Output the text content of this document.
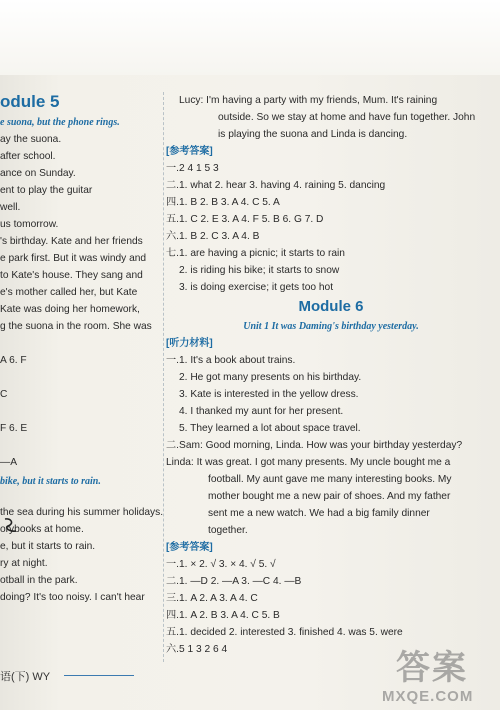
odule 5
e suona, but the phone rings.
ay the suona.
after school.
ance on Sunday.
ent to play the guitar
well.
us tomorrow.
's birthday. Kate and her friends
e park first. But it was windy and
to Kate's house. They sang and
e's mother called her, but Kate
Kate was doing her homework,
g the suona in the room. She was

A 6. F

C

F 6. E

—A
bike, but it starts to rain.
the sea during his summer holidays.
orybooks at home.
e, but it starts to rain.
ry at night.
otball in the park.
doing? It's too noisy. I can't hear
Lucy: I'm having a party with my friends, Mum. It's raining
outside. So we stay at home and have fun together. John
is playing the suona and Linda is dancing.
[参考答案]
一.2 4 1 5 3
二.1. what 2. hear 3. having 4. raining 5. dancing
四.1. B 2. B 3. A 4. C 5. A
五.1. C 2. E 3. A 4. F 5. B 6. G 7. D
六.1. B 2. C 3. A 4. B
七.1. are having a picnic; it starts to rain
2. is riding his bike; it starts to snow
3. is doing exercise; it gets too hot
Module 6
Unit 1 It was Daming's birthday yesterday.
[听力材料]
一.1. It's a book about trains.
2. He got many presents on his birthday.
3. Kate is interested in the yellow dress.
4. I thanked my aunt for her present.
5. They learned a lot about space travel.
二.Sam: Good morning, Linda. How was your birthday yesterday?
Linda: It was great. I got many presents. My uncle bought me a
football. My aunt gave me many interesting books. My
mother bought me a new pair of shoes. And my father
sent me a new watch. We had a big family dinner
together.
[参考答案]
一.1. × 2. √ 3. × 4. √ 5. √
二.1. —D 2. —A 3. —C 4. —B
三.1. A 2. A 3. A 4. C
四.1. A 2. B 3. A 4. C 5. B
五.1. decided 2. interested 3. finished 4. was 5. were
六.5 1 3 2 6 4
语(下) WY	答案
MXQE.COM
